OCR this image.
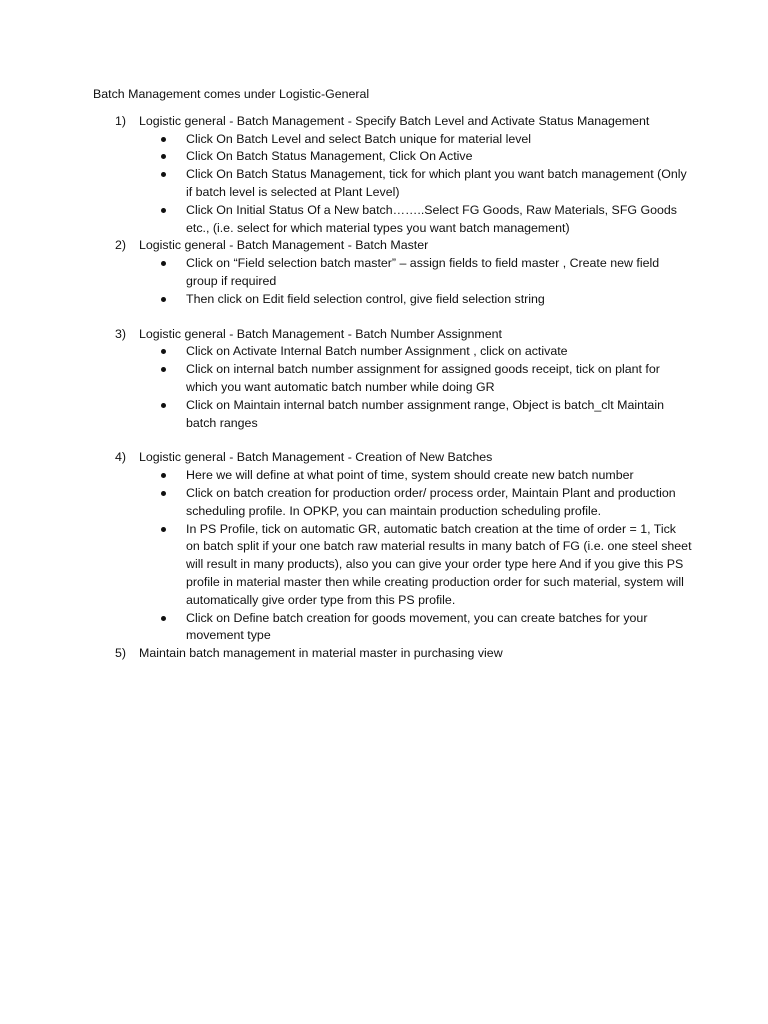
Batch Management comes under Logistic-General
1) Logistic general - Batch Management - Specify Batch Level and Activate Status Management
Click On Batch Level and select Batch unique for material level
Click On Batch Status Management, Click On Active
Click On Batch Status Management, tick for which plant you want batch management (Only if batch level is selected at Plant Level)
Click On Initial Status Of a New batch……..Select FG Goods, Raw Materials, SFG Goods etc., (i.e. select for which material types you want batch management)
2) Logistic general - Batch Management - Batch Master
Click on “Field selection batch master” – assign fields to field master , Create new field group if required
Then click on Edit field selection control, give field selection string
3) Logistic general - Batch Management - Batch Number Assignment
Click on Activate Internal Batch number Assignment , click on activate
Click on internal batch number assignment for assigned goods receipt, tick on plant for which you want automatic batch number while doing GR
Click on Maintain internal batch number assignment range, Object is batch_clt Maintain batch ranges
4) Logistic general - Batch Management - Creation of New Batches
Here we will define at what point of time, system should create new batch number
Click on batch creation for production order/ process order, Maintain Plant and production scheduling profile. In OPKP, you can maintain production scheduling profile.
In PS Profile, tick on automatic GR, automatic batch creation at the time of order = 1, Tick on batch split if your one batch raw material results in many batch of FG (i.e. one steel sheet will result in many products), also you can give your order type here And if you give this PS profile in material master then while creating production order for such material, system will automatically give order type from this PS profile.
Click on Define batch creation for goods movement, you can create batches for your movement type
5) Maintain batch management in material master in purchasing view
